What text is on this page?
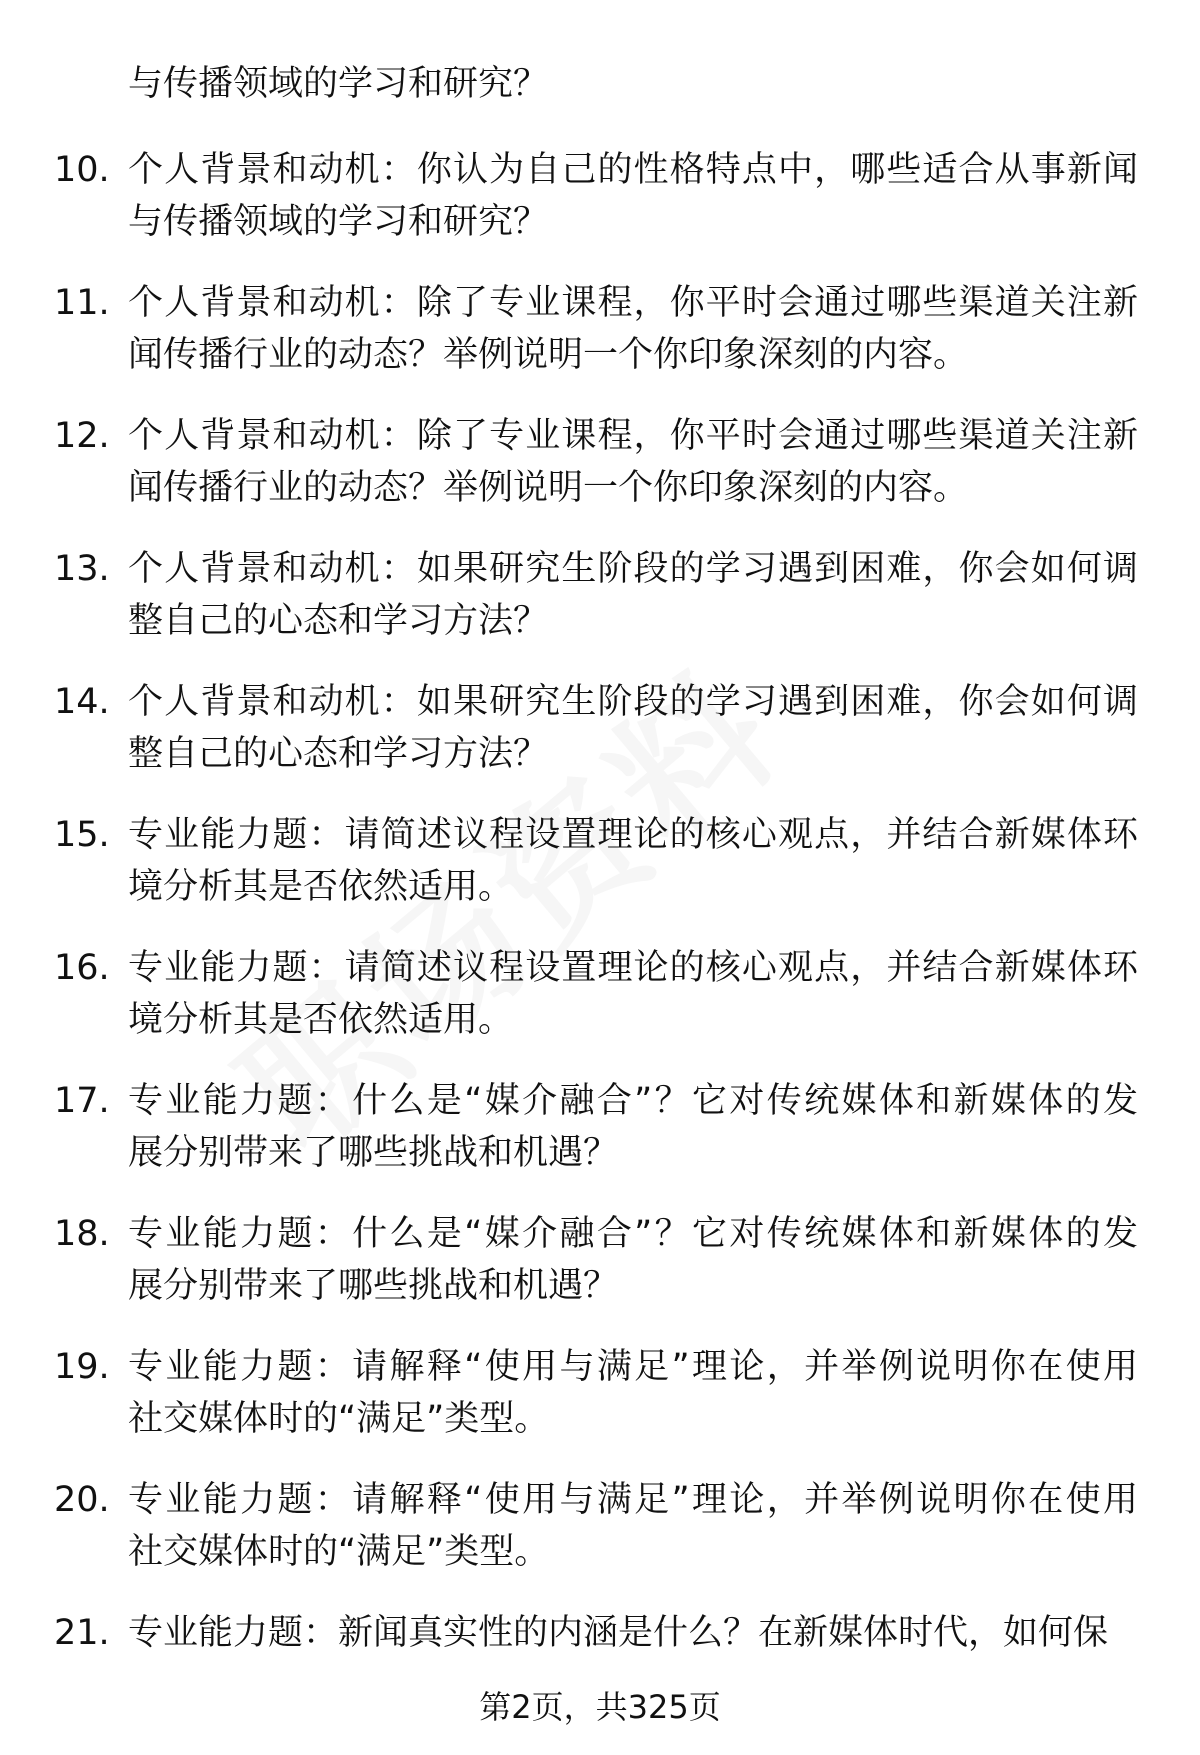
与传播领域的学习和研究？
10. 个人背景和动机：你认为自己的性格特点中，哪些适合从事新闻
与传播领域的学习和研究？
11. 个人背景和动机：除了专业课程，你平时会通过哪些渠道关注新
闻传播行业的动态？举例说明一个你印象深刻的内容。
12. 个人背景和动机：除了专业课程，你平时会通过哪些渠道关注新
闻传播行业的动态？举例说明一个你印象深刻的内容。
13. 个人背景和动机：如果研究生阶段的学习遇到困难，你会如何调
整自己的心态和学习方法？
14. 个人背景和动机：如果研究生阶段的学习遇到困难，你会如何调
整自己的心态和学习方法？
15. 专业能力题：请简述议程设置理论的核心观点，并结合新媒体环
境分析其是否依然适用。
16. 专业能力题：请简述议程设置理论的核心观点，并结合新媒体环
境分析其是否依然适用。
17. 专业能力题：什么是“媒介融合”？它对传统媒体和新媒体的发
展分别带来了哪些挑战和机遇？
18. 专业能力题：什么是“媒介融合”？它对传统媒体和新媒体的发
展分别带来了哪些挑战和机遇？
19. 专业能力题：请解释“使用与满足”理论，并举例说明你在使用
社交媒体时的“满足”类型。
20. 专业能力题：请解释“使用与满足”理论，并举例说明你在使用
社交媒体时的“满足”类型。
21. 专业能力题：新闻真实性的内涵是什么？在新媒体时代，如何保
第2页，共325页
